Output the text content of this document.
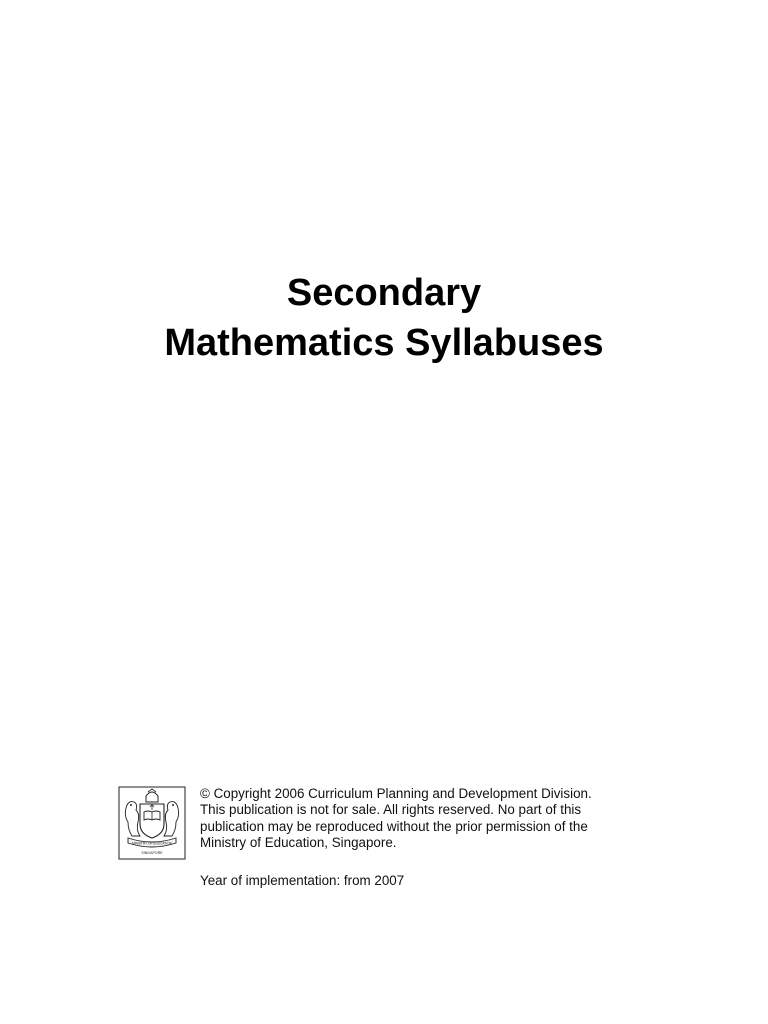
Secondary
Mathematics Syllabuses
MINISTRY OF EDUCATION
SINGAPORE

© Copyright 2006 Curriculum Planning and Development Division.

This publication is not for sale. All rights reserved. No part of this

publication may be reproduced without the prior permission of the

Ministry of Education, Singapore.

Year of implementation: from 2007
